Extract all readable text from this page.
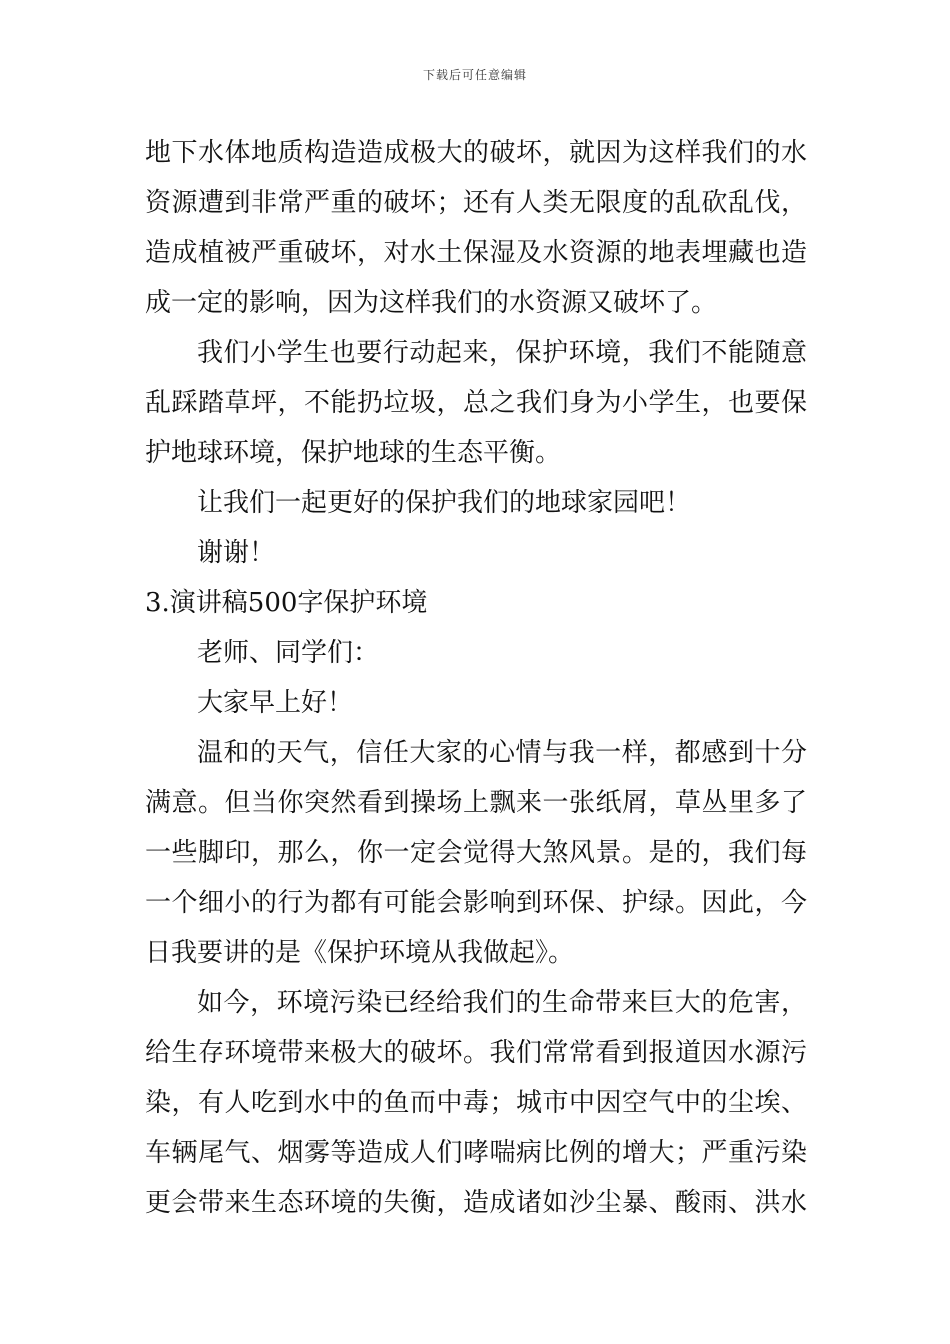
下载后可任意编辑
地下水体地质构造造成极大的破坏，就因为这样我们的水
资源遭到非常严重的破坏；还有人类无限度的乱砍乱伐，
造成植被严重破坏，对水土保湿及水资源的地表埋藏也造
成一定的影响，因为这样我们的水资源又破坏了。
我们小学生也要行动起来，保护环境，我们不能随意
乱踩踏草坪，不能扔垃圾，总之我们身为小学生，也要保
护地球环境，保护地球的生态平衡。
让我们一起更好的保护我们的地球家园吧！
谢谢！
3.演讲稿500字保护环境
老师、同学们：
大家早上好！
温和的天气，信任大家的心情与我一样，都感到十分
满意。但当你突然看到操场上飘来一张纸屑，草丛里多了
一些脚印，那么，你一定会觉得大煞风景。是的，我们每
一个细小的行为都有可能会影响到环保、护绿。因此，今
日我要讲的是《保护环境从我做起》。
如今，环境污染已经给我们的生命带来巨大的危害，
给生存环境带来极大的破坏。我们常常看到报道因水源污
染，有人吃到水中的鱼而中毒；城市中因空气中的尘埃、
车辆尾气、烟雾等造成人们哮喘病比例的增大；严重污染
更会带来生态环境的失衡，造成诸如沙尘暴、酸雨、洪水
